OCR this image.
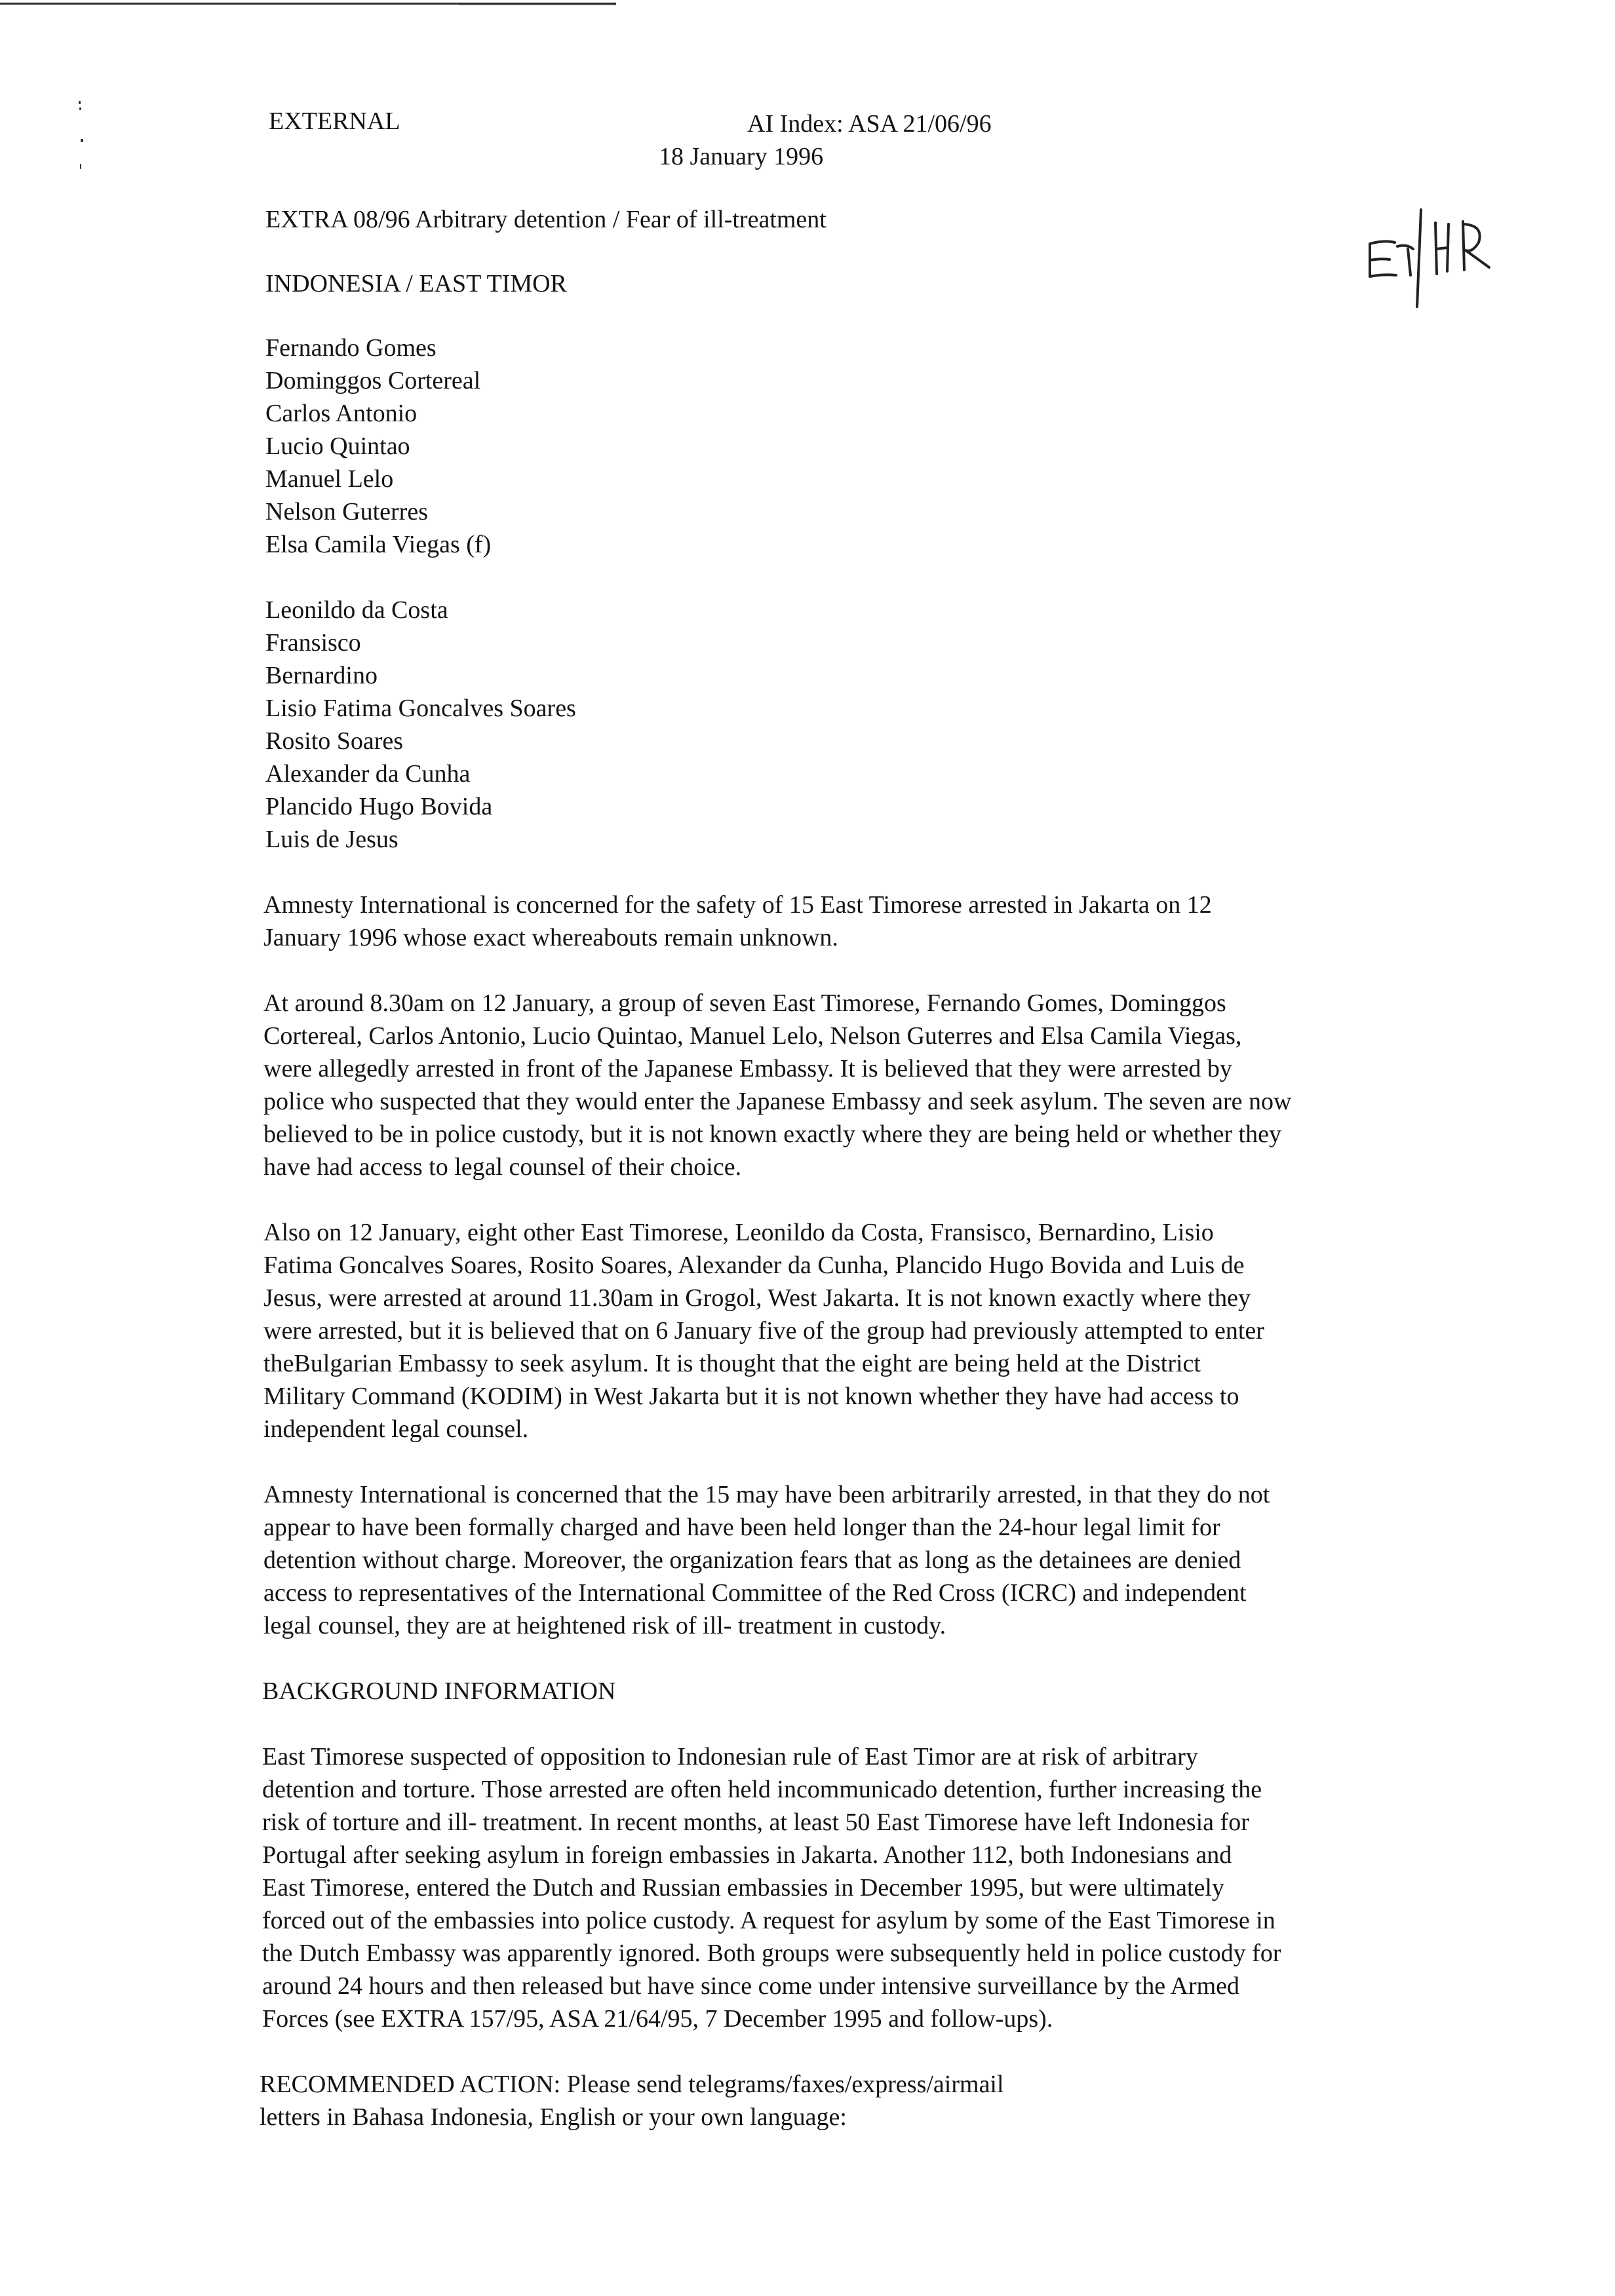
EXTERNAL	AI Index: ASA 21/06/96

18 January 1996

EXTRA 08/96 Arbitrary detention / Fear of ill-treatment

INDONESIA / EAST TIMOR

Fernando Gomes

Dominggos Cortereal

Carlos Antonio

Lucio Quintao

Manuel Lelo

Nelson Guterres

Elsa Camila Viegas (f)

Leonildo da Costa

Fransisco

Bernardino

Lisio Fatima Goncalves Soares

Rosito Soares

Alexander da Cunha

Plancido Hugo Bovida

Luis de Jesus

Amnesty International is concerned for the safety of 15 East Timorese arrested in Jakarta on 12

January 1996 whose exact whereabouts remain unknown.

At around 8.30am on 12 January, a group of seven East Timorese, Fernando Gomes, Dominggos

Cortereal, Carlos Antonio, Lucio Quintao, Manuel Lelo, Nelson Guterres and Elsa Camila Viegas,

were allegedly arrested in front of the Japanese Embassy. It is believed that they were arrested by

police who suspected that they would enter the Japanese Embassy and seek asylum. The seven are now

believed to be in police custody, but it is not known exactly where they are being held or whether they

have had access to legal counsel of their choice.

Also on 12 January, eight other East Timorese, Leonildo da Costa, Fransisco, Bernardino, Lisio

Fatima Goncalves Soares, Rosito Soares, Alexander da Cunha, Plancido Hugo Bovida and Luis de

Jesus, were arrested at around 11.30am in Grogol, West Jakarta. It is not known exactly where they

were arrested, but it is believed that on 6 January five of the group had previously attempted to enter

theBulgarian Embassy to seek asylum. It is thought that the eight are being held at the District

Military Command (KODIM) in West Jakarta but it is not known whether they have had access to

independent legal counsel.

Amnesty International is concerned that the 15 may have been arbitrarily arrested, in that they do not

appear to have been formally charged and have been held longer than the 24-hour legal limit for

detention without charge. Moreover, the organization fears that as long as the detainees are denied

access to representatives of the International Committee of the Red Cross (ICRC) and independent

legal counsel, they are at heightened risk of ill- treatment in custody.

BACKGROUND INFORMATION

East Timorese suspected of opposition to Indonesian rule of East Timor are at risk of arbitrary

detention and torture. Those arrested are often held incommunicado detention, further increasing the

risk of torture and ill- treatment. In recent months, at least 50 East Timorese have left Indonesia for

Portugal after seeking asylum in foreign embassies in Jakarta. Another 112, both Indonesians and

East Timorese, entered the Dutch and Russian embassies in December 1995, but were ultimately

forced out of the embassies into police custody. A request for asylum by some of the East Timorese in

the Dutch Embassy was apparently ignored. Both groups were subsequently held in police custody for

around 24 hours and then released but have since come under intensive surveillance by the Armed

Forces (see EXTRA 157/95, ASA 21/64/95, 7 December 1995 and follow-ups).

RECOMMENDED ACTION: Please send telegrams/faxes/express/airmail

letters in Bahasa Indonesia, English or your own language:
